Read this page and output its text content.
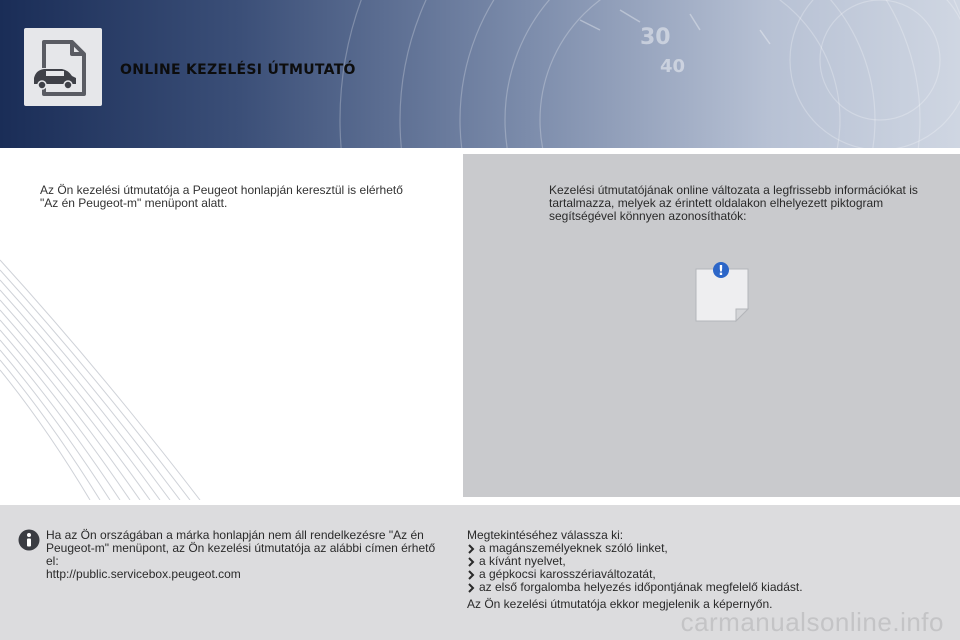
30
40
ONLINE KEZELÉSI ÚTMUTATÓ
Az Ön kezelési útmutatója a Peugeot honlapján keresztül is elérhető "Az én Peugeot-m" menüpont alatt.
Kezelési útmutatójának online változata a legfrissebb információkat is tartalmazza, melyek az érintett oldalakon elhelyezett piktogram segítségével könnyen azonosíthatók:
!
Ha az Ön országában a márka honlapján nem áll rendelkezésre "Az én Peugeot-m" menüpont, az Ön kezelési útmutatója az alábbi címen érhető el:
http://public.servicebox.peugeot.com
Megtekintéséhez válassza ki:
a magánszemélyeknek szóló linket,
a kívánt nyelvet,
a gépkocsi karosszériaváltozatát,
az első forgalomba helyezés időpontjának megfelelő kiadást.
Az Ön kezelési útmutatója ekkor megjelenik a képernyőn.
carmanualsonline.info
